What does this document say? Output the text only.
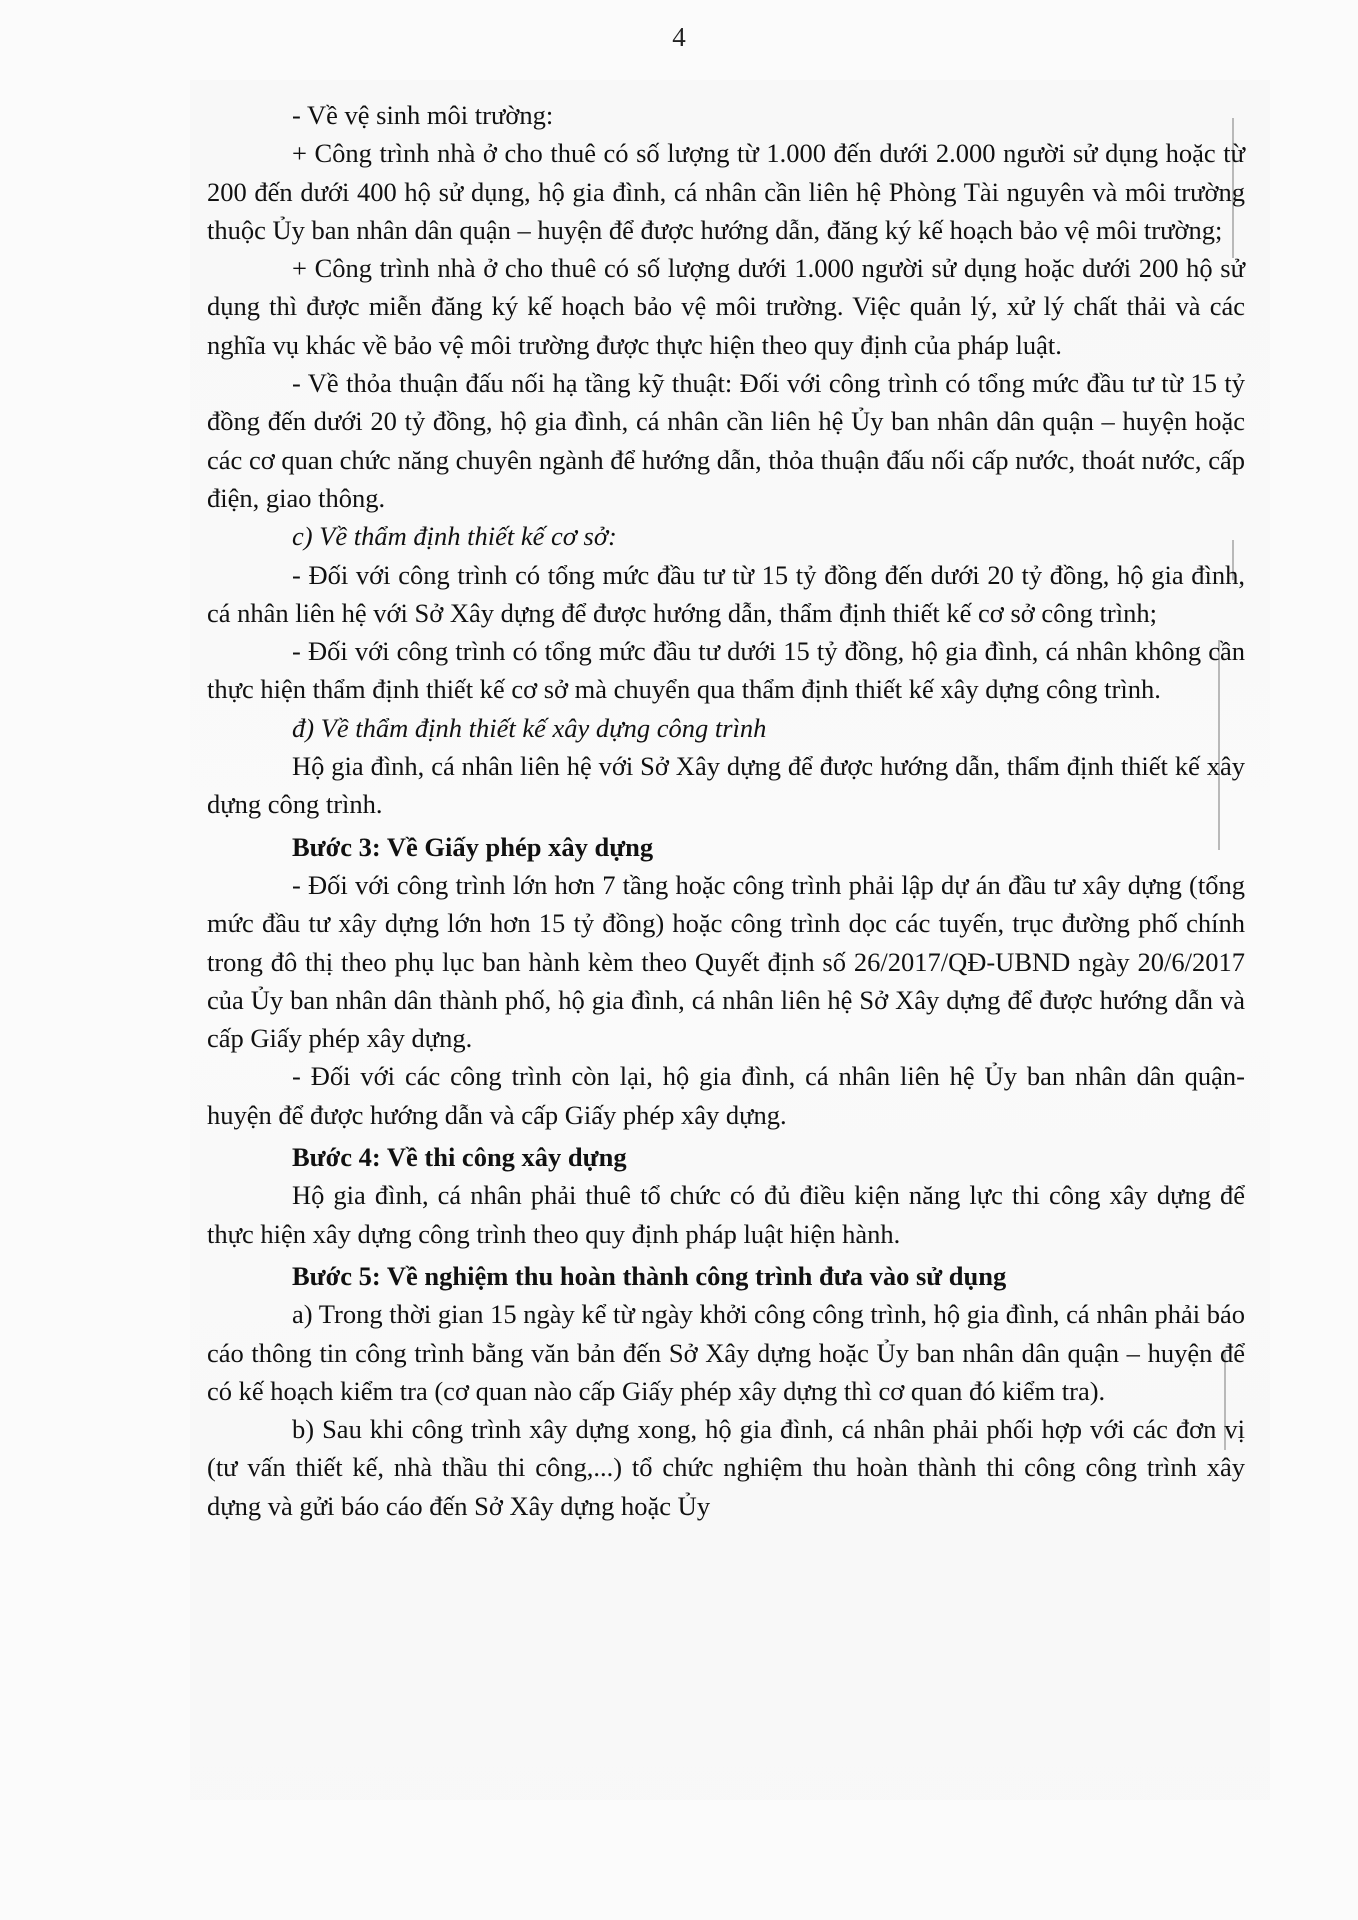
4

- Về vệ sinh môi trường:

+ Công trình nhà ở cho thuê có số lượng từ 1.000 đến dưới 2.000 người sử dụng hoặc từ 200 đến dưới 400 hộ sử dụng, hộ gia đình, cá nhân cần liên hệ Phòng Tài nguyên và môi trường thuộc Ủy ban nhân dân quận – huyện để được hướng dẫn, đăng ký kế hoạch bảo vệ môi trường;

+ Công trình nhà ở cho thuê có số lượng dưới 1.000 người sử dụng hoặc dưới 200 hộ sử dụng thì được miễn đăng ký kế hoạch bảo vệ môi trường. Việc quản lý, xử lý chất thải và các nghĩa vụ khác về bảo vệ môi trường được thực hiện theo quy định của pháp luật.

- Về thỏa thuận đấu nối hạ tầng kỹ thuật: Đối với công trình có tổng mức đầu tư từ 15 tỷ đồng đến dưới 20 tỷ đồng, hộ gia đình, cá nhân cần liên hệ Ủy ban nhân dân quận – huyện hoặc các cơ quan chức năng chuyên ngành để hướng dẫn, thỏa thuận đấu nối cấp nước, thoát nước, cấp điện, giao thông.

c) Về thẩm định thiết kế cơ sở:

- Đối với công trình có tổng mức đầu tư từ 15 tỷ đồng đến dưới 20 tỷ đồng, hộ gia đình, cá nhân liên hệ với Sở Xây dựng để được hướng dẫn, thẩm định thiết kế cơ sở công trình;

- Đối với công trình có tổng mức đầu tư dưới 15 tỷ đồng, hộ gia đình, cá nhân không cần thực hiện thẩm định thiết kế cơ sở mà chuyển qua thẩm định thiết kế xây dựng công trình.

đ) Về thẩm định thiết kế xây dựng công trình

Hộ gia đình, cá nhân liên hệ với Sở Xây dựng để được hướng dẫn, thẩm định thiết kế xây dựng công trình.

Bước 3: Về Giấy phép xây dựng

- Đối với công trình lớn hơn 7 tầng hoặc công trình phải lập dự án đầu tư xây dựng (tổng mức đầu tư xây dựng lớn hơn 15 tỷ đồng) hoặc công trình dọc các tuyến, trục đường phố chính trong đô thị theo phụ lục ban hành kèm theo Quyết định số 26/2017/QĐ-UBND ngày 20/6/2017 của Ủy ban nhân dân thành phố, hộ gia đình, cá nhân liên hệ Sở Xây dựng để được hướng dẫn và cấp Giấy phép xây dựng.

- Đối với các công trình còn lại, hộ gia đình, cá nhân liên hệ Ủy ban nhân dân quận-huyện để được hướng dẫn và cấp Giấy phép xây dựng.

Bước 4: Về thi công xây dựng

Hộ gia đình, cá nhân phải thuê tổ chức có đủ điều kiện năng lực thi công xây dựng để thực hiện xây dựng công trình theo quy định pháp luật hiện hành.

Bước 5: Về nghiệm thu hoàn thành công trình đưa vào sử dụng

a) Trong thời gian 15 ngày kể từ ngày khởi công công trình, hộ gia đình, cá nhân phải báo cáo thông tin công trình bằng văn bản đến Sở Xây dựng hoặc Ủy ban nhân dân quận – huyện để có kế hoạch kiểm tra (cơ quan nào cấp Giấy phép xây dựng thì cơ quan đó kiểm tra).

b) Sau khi công trình xây dựng xong, hộ gia đình, cá nhân phải phối hợp với các đơn vị (tư vấn thiết kế, nhà thầu thi công,...) tổ chức nghiệm thu hoàn thành thi công công trình xây dựng và gửi báo cáo đến Sở Xây dựng hoặc Ủy
